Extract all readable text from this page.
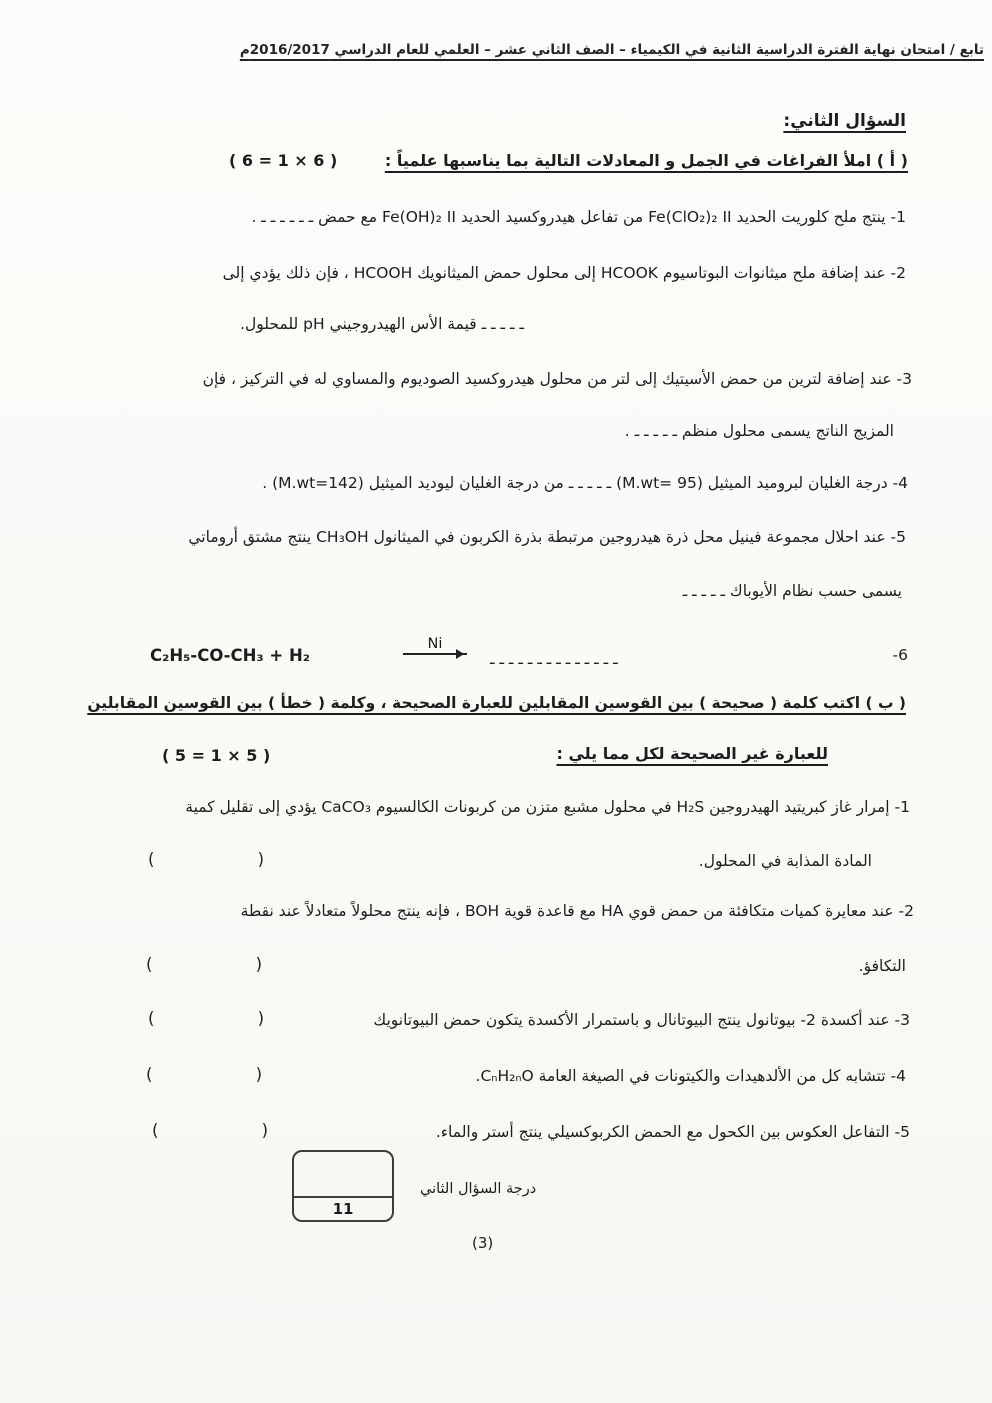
تابع / امتحان نهاية الفترة الدراسية الثانية في الكيمياء – الصف الثاني عشر – العلمي للعام الدراسي 2016/2017م
السؤال الثاني:
( أ ) املأ الفراغات في الجمل و المعادلات التالية بما يناسبها علمياً : ( 6 = 1 × 6 )
1- ينتج ملح كلوريت الحديد ‎Fe(ClO₂)₂ II‎ من تفاعل هيدروكسيد الحديد ‎Fe(OH)₂ II‎ مع حمض ـ ـ ـ ـ ـ ـ .
2- عند إضافة ملح ميثانوات البوتاسيوم HCOOK إلى محلول حمض الميثانويك HCOOH ، فإن ذلك يؤدي إلى
ـ ـ ـ ـ ـ قيمة الأس الهيدروجيني pH للمحلول.
3- عند إضافة لترين من حمض الأسيتيك إلى لتر من محلول هيدروكسيد الصوديوم والمساوي له في التركيز ، فإن
المزيج الناتج يسمى محلول منظم ـ ـ ـ ـ ـ .
4- درجة الغليان لبروميد الميثيل ‎(M.wt= 95)‎ ـ ـ ـ ـ ـ من درجة الغليان ليوديد الميثيل ‎(M.wt=142)‎ .
5- عند احلال مجموعة فينيل محل ذرة هيدروجين مرتبطة بذرة الكربون في الميثانول CH₃OH ينتج مشتق أروماتي
يسمى حسب نظام الأيوباك ـ ـ ـ ـ ـ
C₂H₅-CO-CH₃ + H₂
Ni
ـ ـ ـ ـ ـ ـ ـ ـ ـ ـ ـ ـ ـ ـ	-6
( ب ) اكتب كلمة ( صحيحة ) بين القوسين المقابلين للعبارة الصحيحة ، وكلمة ( خطأ ) بين القوسين المقابلين
للعبارة غير الصحيحة لكل مما يلي :
( 5 = 1 × 5 )
1- إمرار غاز كبريتيد الهيدروجين H₂S في محلول مشبع متزن من كربونات الكالسيوم CaCO₃ يؤدي إلى تقليل كمية
المادة المذابة في المحلول.
(	)
2- عند معايرة كميات متكافئة من حمض قوي HA مع قاعدة قوية BOH ، فإنه ينتج محلولاً متعادلاً عند نقطة
التكافؤ.
(	)
3- عند أكسدة 2- بيوتانول ينتج البيوتانال و باستمرار الأكسدة يتكون حمض البيوتانويك
(	)
4- تتشابه كل من الألدهيدات والكيتونات في الصيغة العامة CₙH₂ₙO.
(	)
5- التفاعل العكوس بين الكحول مع الحمض الكربوكسيلي ينتج أستر والماء.
(	)
11
درجة السؤال الثاني
(3)
